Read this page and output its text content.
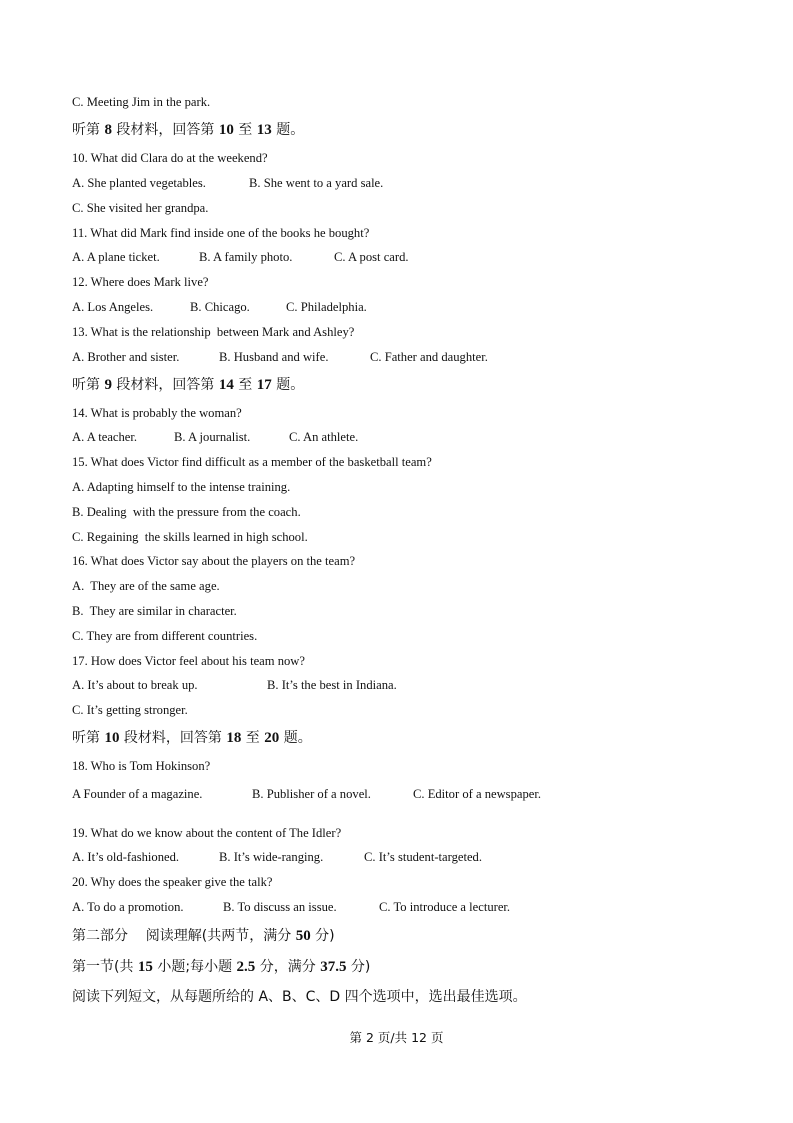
C. Meeting Jim in the park.
听第 8 段材料，回答第 10 至 13 题。
10. What did Clara do at the weekend?
A. She planted vegetables.	B. She went to a yard sale.
C. She visited her grandpa.
11. What did Mark find inside one of the books he bought?
A. A plane ticket.	B. A family photo.	C. A post card.
12. Where does Mark live?
A. Los Angeles.	B. Chicago.	C. Philadelphia.
13. What is the relationship  between Mark and Ashley?
A. Brother and sister.	B. Husband and wife.	C. Father and daughter.
听第 9 段材料，回答第 14 至 17 题。
14. What is probably the woman?
A. A teacher.	B. A journalist.	C. An athlete.
15. What does Victor find difficult as a member of the basketball team?
A. Adapting himself to the intense training.
B. Dealing  with the pressure from the coach.
C. Regaining  the skills learned in high school.
16. What does Victor say about the players on the team?
A.  They are of the same age.
B.  They are similar in character.
C. They are from different countries.
17. How does Victor feel about his team now?
A. It’s about to break up.	B. It’s the best in Indiana.
C. It’s getting stronger.
听第 10 段材料，回答第 18 至 20 题。
18. Who is Tom Hokinson?
A Founder of a magazine.	B. Publisher of a novel.	C. Editor of a newspaper.
19. What do we know about the content of The Idler?
A. It’s old-fashioned.	B. It’s wide-ranging.	C. It’s student-targeted.
20. Why does the speaker give the talk?
A. To do a promotion.	B. To discuss an issue.	C. To introduce a lecturer.
第二部分    阅读理解(共两节，满分 50 分)
第一节(共 15 小题;每小题 2.5 分，满分 37.5 分)
阅读下列短文，从每题所给的 A、B、C、D 四个选项中，选出最佳选项。
第 2 页/共 12 页
